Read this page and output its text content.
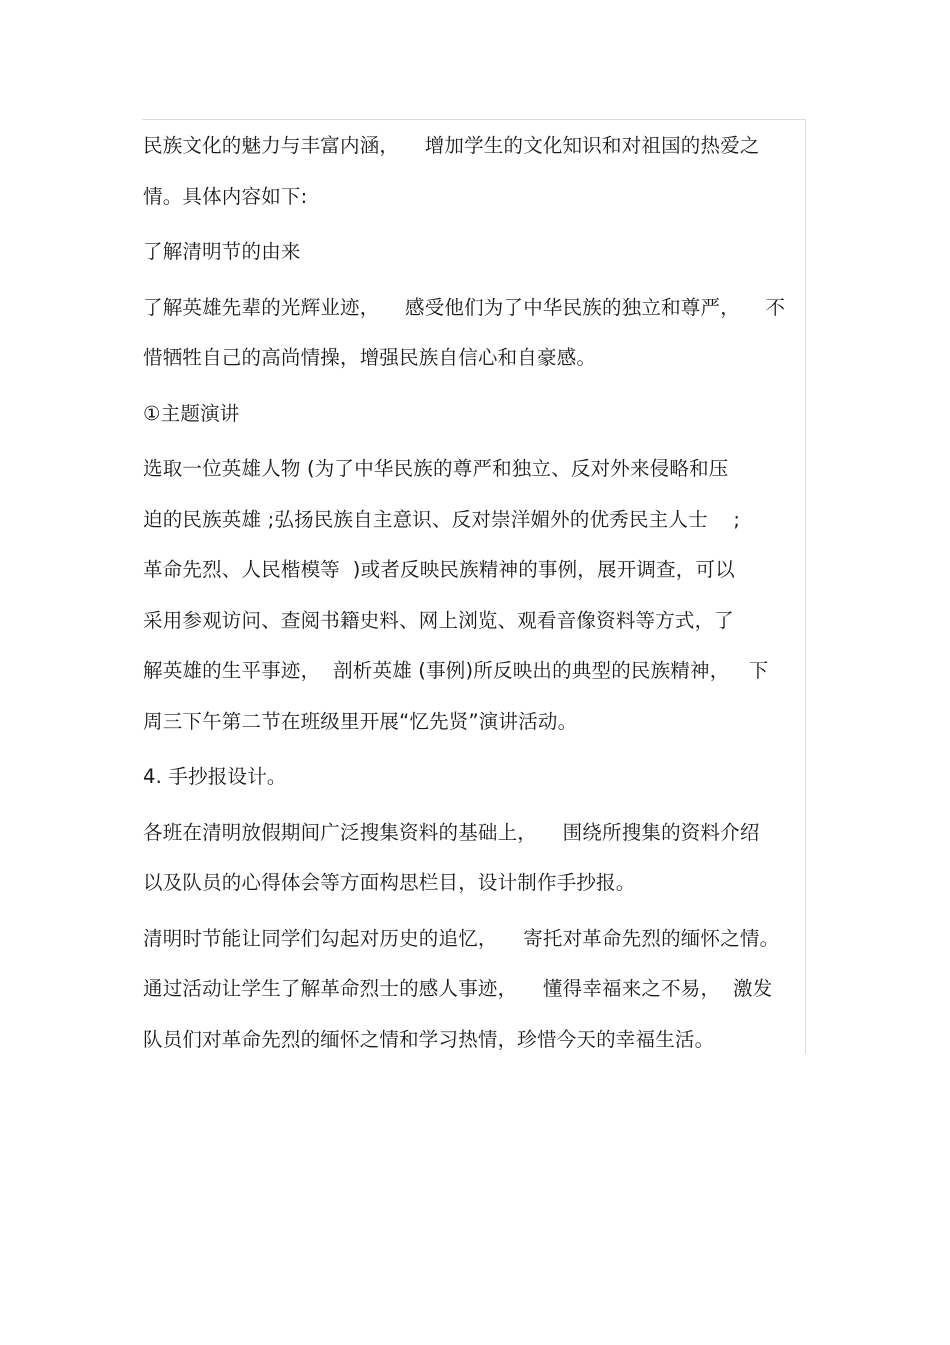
民族文化的魅力与丰富内涵，    增加学生的文化知识和对祖国的热爱之
情。具体内容如下:
了解清明节的由来
了解英雄先辈的光辉业迹，    感受他们为了中华民族的独立和尊严，    不
惜牺牲自己的高尚情操，增强民族自信心和自豪感。
①主题演讲
选取一位英雄人物 (为了中华民族的尊严和独立、反对外来侵略和压
迫的民族英雄 ;弘扬民族自主意识、反对崇洋媚外的优秀民主人士    ;
革命先烈、人民楷模等  )或者反映民族精神的事例，展开调查，可以
采用参观访问、查阅书籍史料、网上浏览、观看音像资料等方式，了
解英雄的生平事迹，  剖析英雄 (事例)所反映出的典型的民族精神，   下
周三下午第二节在班级里开展“忆先贤”演讲活动。
4. 手抄报设计。
各班在清明放假期间广泛搜集资料的基础上，    围绕所搜集的资料介绍
以及队员的心得体会等方面构思栏目，设计制作手抄报。
清明时节能让同学们勾起对历史的追忆，    寄托对革命先烈的缅怀之情。
通过活动让学生了解革命烈士的感人事迹，    懂得幸福来之不易，  激发
队员们对革命先烈的缅怀之情和学习热情，珍惜今天的幸福生活。
